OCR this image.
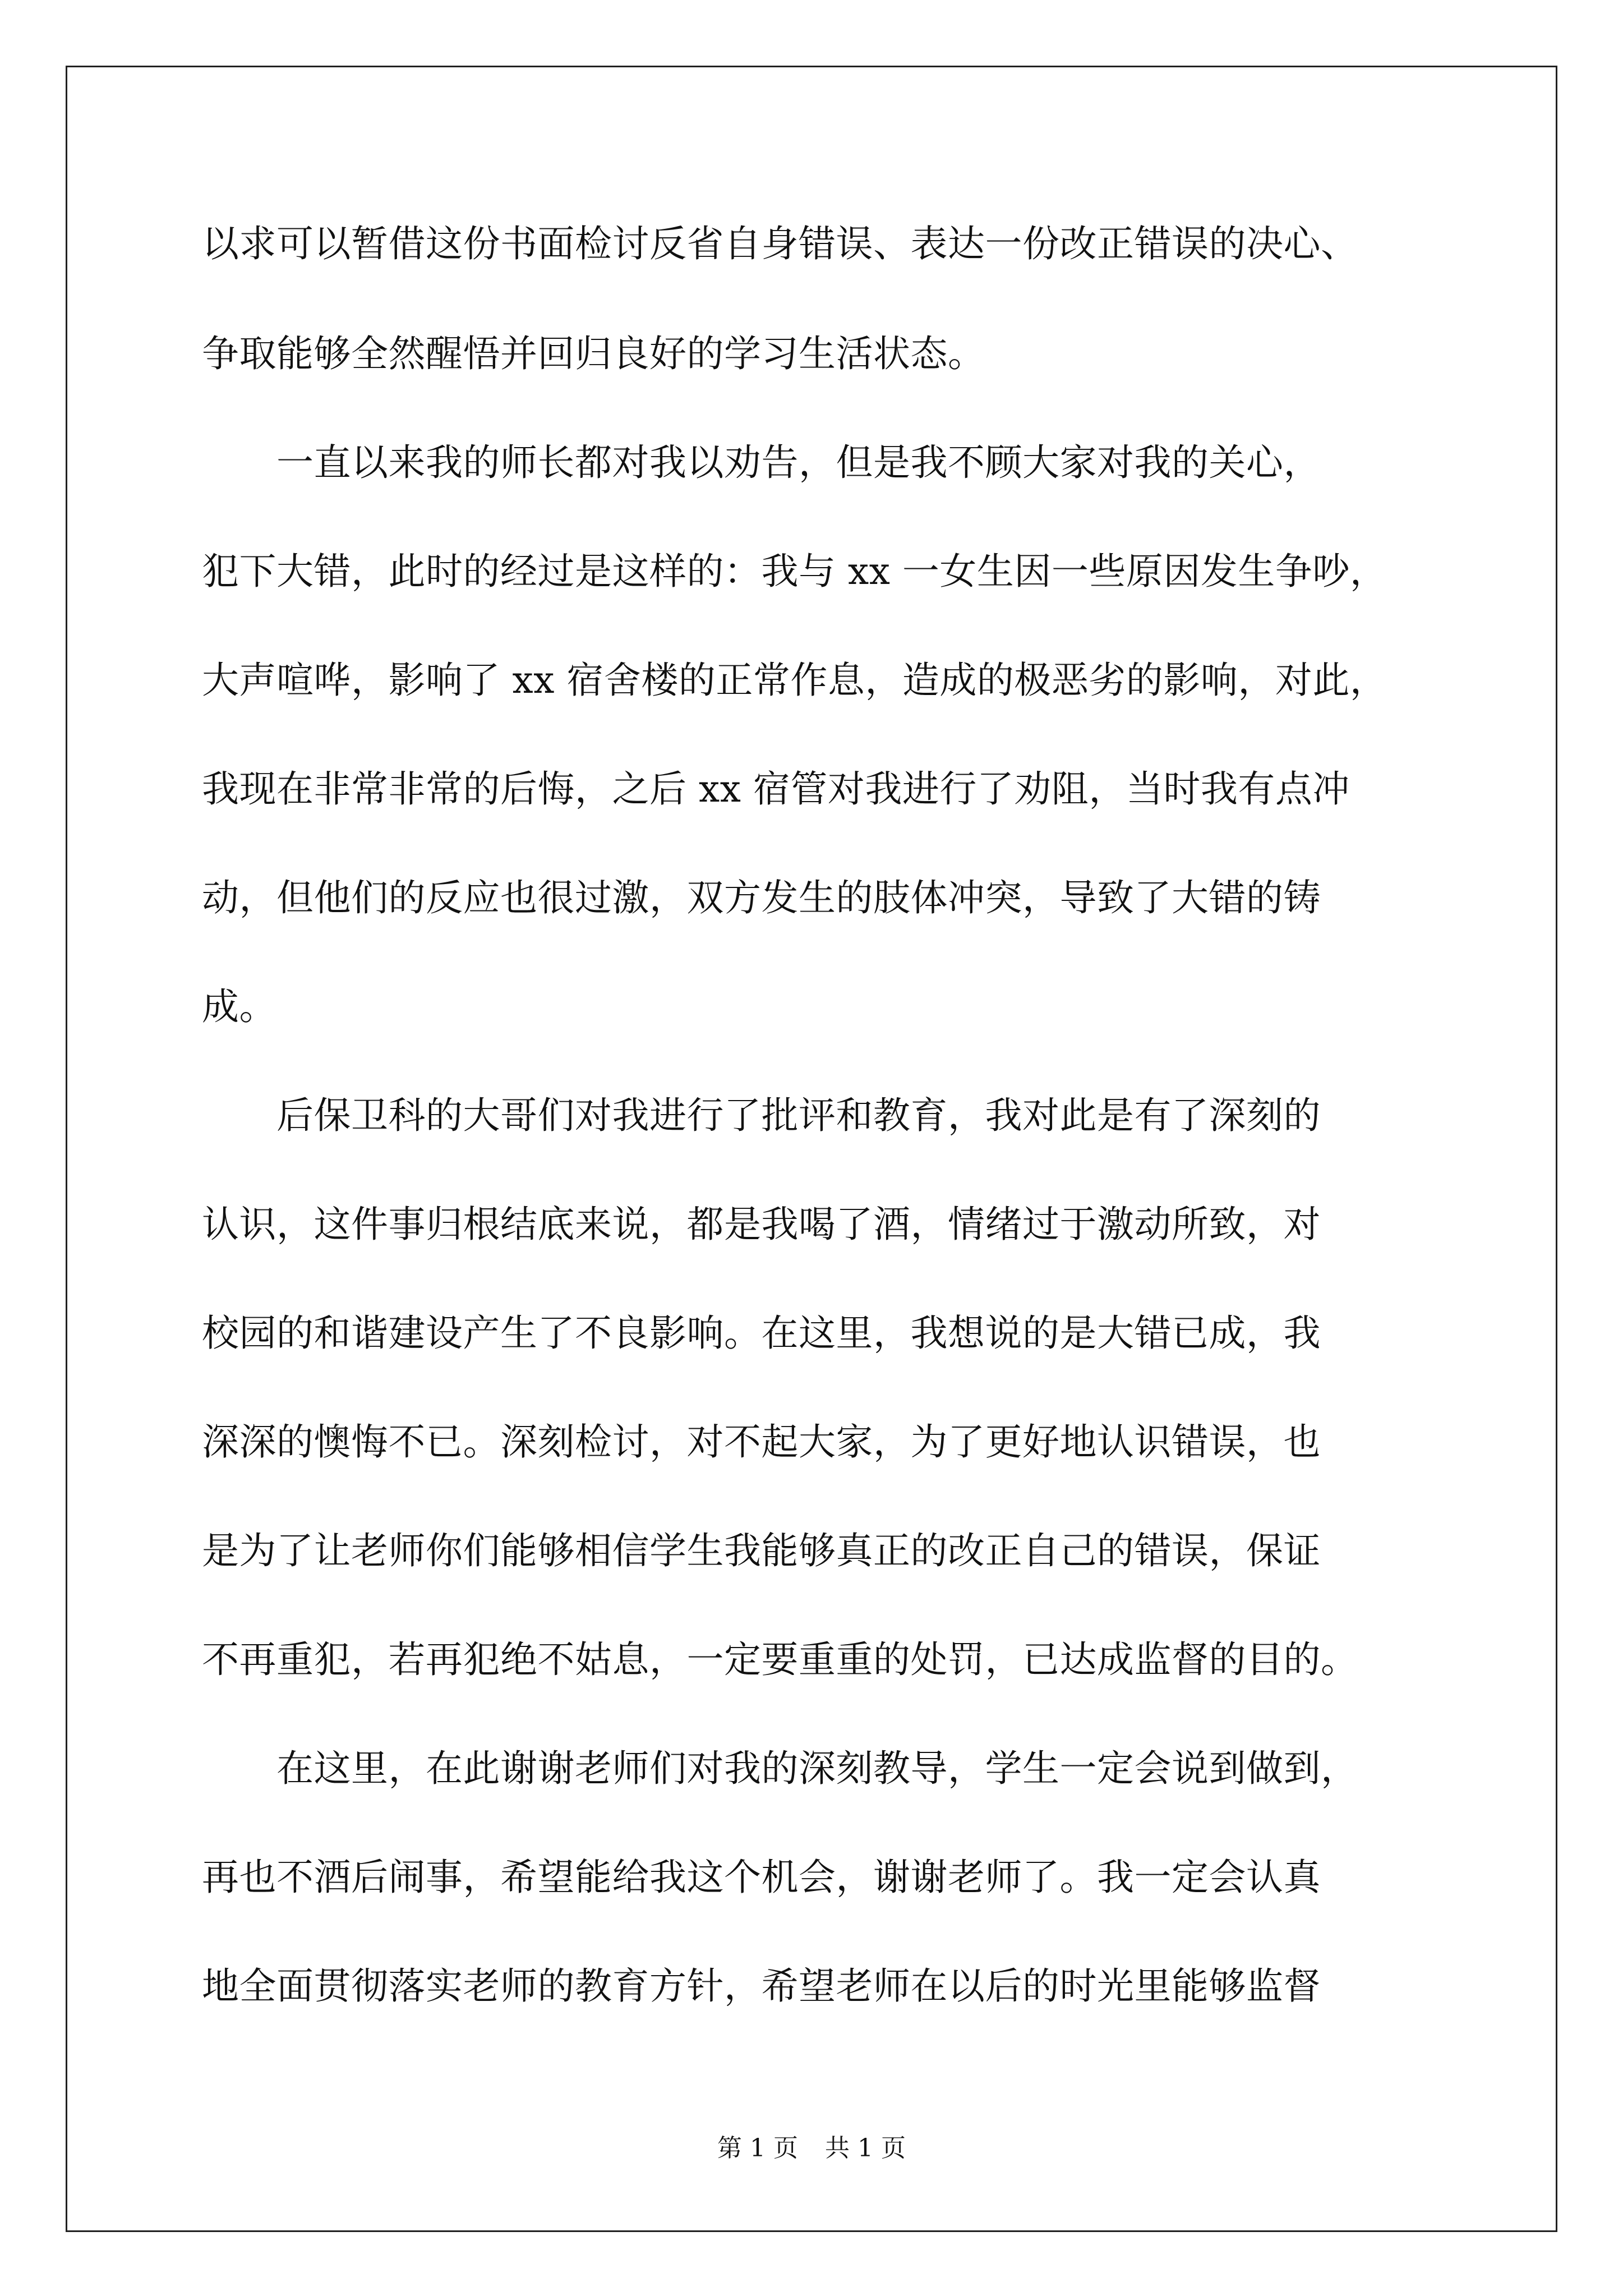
以求可以暂借这份书面检讨反省自身错误、表达一份改正错误的决心、
争取能够全然醒悟并回归良好的学习生活状态。
　　一直以来我的师长都对我以劝告，但是我不顾大家对我的关心，
犯下大错，此时的经过是这样的：我与 xx 一女生因一些原因发生争吵，
大声喧哗，影响了 xx 宿舍楼的正常作息，造成的极恶劣的影响，对此，
我现在非常非常的后悔，之后 xx 宿管对我进行了劝阻，当时我有点冲
动，但他们的反应也很过激，双方发生的肢体冲突，导致了大错的铸
成。
　　后保卫科的大哥们对我进行了批评和教育，我对此是有了深刻的
认识，这件事归根结底来说，都是我喝了酒，情绪过于激动所致，对
校园的和谐建设产生了不良影响。在这里，我想说的是大错已成，我
深深的懊悔不已。深刻检讨，对不起大家，为了更好地认识错误，也
是为了让老师你们能够相信学生我能够真正的改正自己的错误，保证
不再重犯，若再犯绝不姑息，一定要重重的处罚，已达成监督的目的。
　　在这里，在此谢谢老师们对我的深刻教导，学生一定会说到做到，
再也不酒后闹事，希望能给我这个机会，谢谢老师了。我一定会认真
地全面贯彻落实老师的教育方针，希望老师在以后的时光里能够监督
第 1 页 共 1 页
